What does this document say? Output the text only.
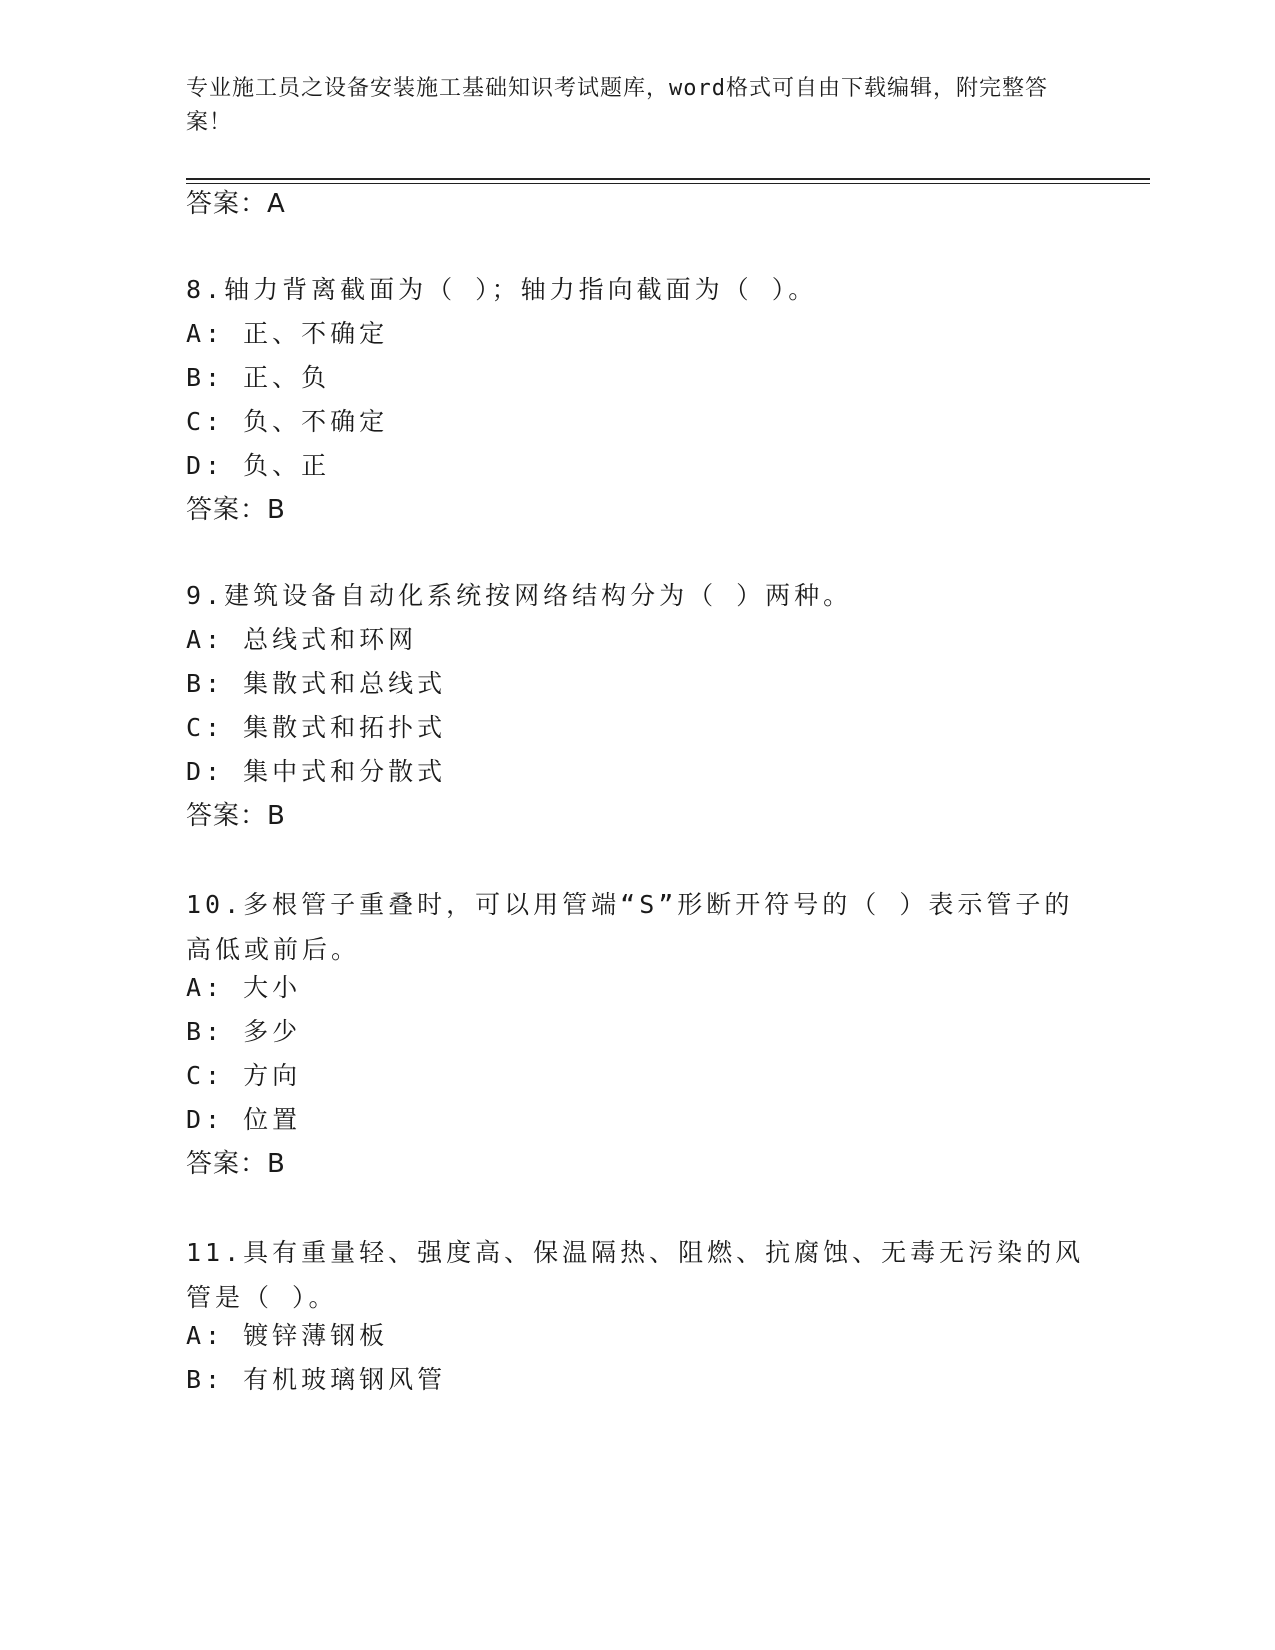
专业施工员之设备安装施工基础知识考试题库，word格式可自由下载编辑，附完整答案！
答案：A
8.轴力背离截面为（ ）；轴力指向截面为（ ）。
A: 正、不确定
B: 正、负
C: 负、不确定
D: 负、正
答案：B
9.建筑设备自动化系统按网络结构分为（ ）两种。
A: 总线式和环网
B: 集散式和总线式
C: 集散式和拓扑式
D: 集中式和分散式
答案：B
10.多根管子重叠时，可以用管端“S”形断开符号的（ ）表示管子的高低或前后。
A: 大小
B: 多少
C: 方向
D: 位置
答案：B
11.具有重量轻、强度高、保温隔热、阻燃、抗腐蚀、无毒无污染的风管是（ ）。
A: 镀锌薄钢板
B: 有机玻璃钢风管
